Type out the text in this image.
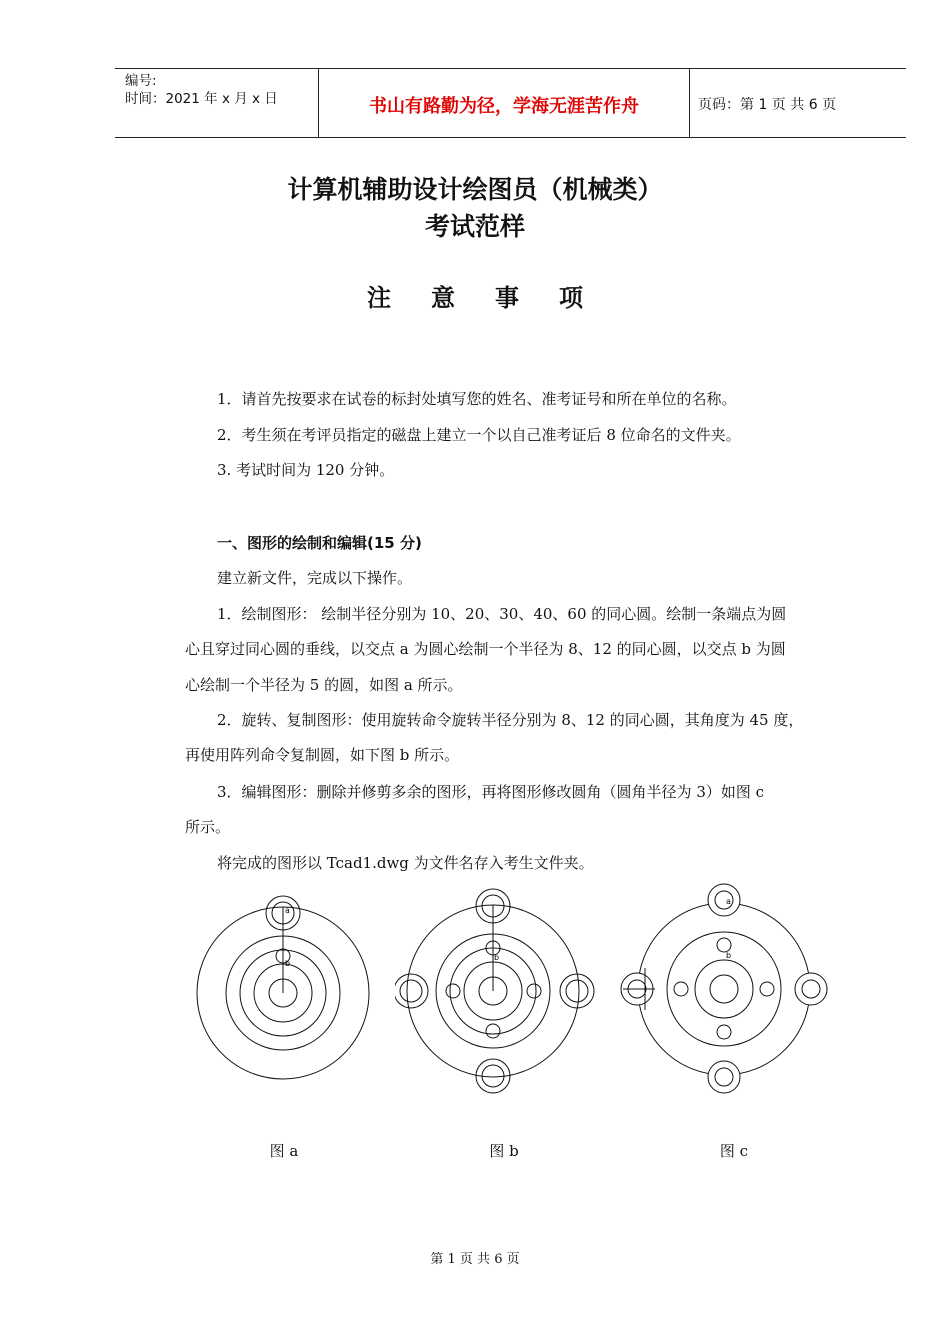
编号:
时间：2021 年 x 月 x 日	书山有路勤为径，学海无涯苦作舟	页码：第 1 页 共 6 页
计算机辅助设计绘图员（机械类）
考试范样
注意事项
1．请首先按要求在试卷的标封处填写您的姓名、准考证号和所在单位的名称。
2．考生须在考评员指定的磁盘上建立一个以自己准考证后 8 位命名的文件夹。
3. 考试时间为 120 分钟。
一、图形的绘制和编辑(15 分)
建立新文件，完成以下操作。
1．绘制图形： 绘制半径分别为 10、20、30、40、60 的同心圆。绘制一条端点为圆
心且穿过同心圆的垂线，以交点 a 为圆心绘制一个半径为 8、12 的同心圆，以交点 b 为圆
心绘制一个半径为 5 的圆，如图 a 所示。
2．旋转、复制图形：使用旋转命令旋转半径分别为 8、12 的同心圆，其角度为 45 度，
再使用阵列命令复制圆，如下图 b 所示。
3．编辑图形：删除并修剪多余的图形，再将图形修改圆角（圆角半径为 3）如图 c
所示。
将完成的图形以 Tcad1.dwg 为文件名存入考生文件夹。
a
b
b
a
b
图 a	图 b	图 c
第 1 页 共 6 页
